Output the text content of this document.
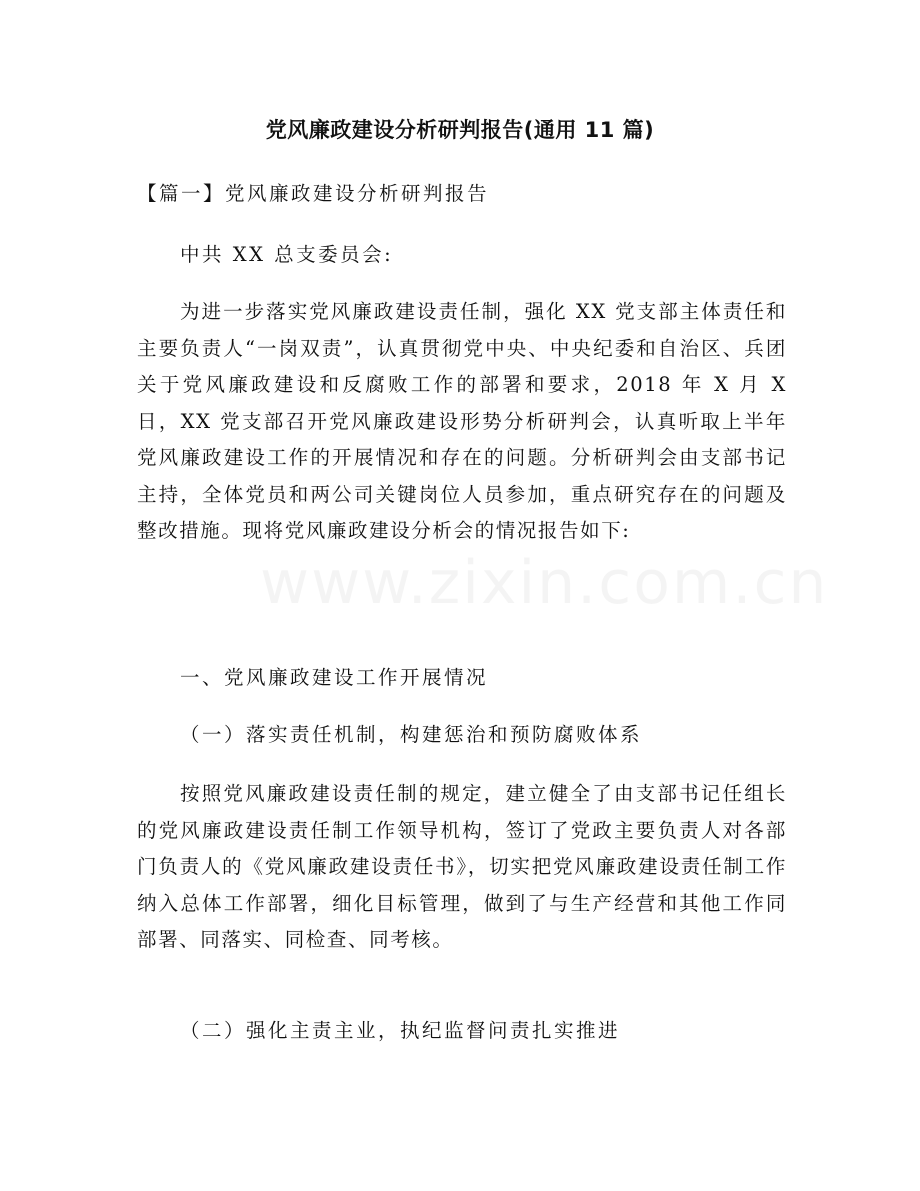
党风廉政建设分析研判报告(通用 11 篇)
【篇一】党风廉政建设分析研判报告
中共 XX 总支委员会:
为进一步落实党风廉政建设责任制，强化 XX 党支部主体责任和主要负责人“一岗双责”，认真贯彻党中央、中央纪委和自治区、兵团关于党风廉政建设和反腐败工作的部署和要求，2018 年 X 月 X 日，XX 党支部召开党风廉政建设形势分析研判会，认真听取上半年党风廉政建设工作的开展情况和存在的问题。分析研判会由支部书记主持，全体党员和两公司关键岗位人员参加，重点研究存在的问题及整改措施。现将党风廉政建设分析会的情况报告如下:
一、党风廉政建设工作开展情况
（一）落实责任机制，构建惩治和预防腐败体系
按照党风廉政建设责任制的规定，建立健全了由支部书记任组长的党风廉政建设责任制工作领导机构，签订了党政主要负责人对各部门负责人的《党风廉政建设责任书》，切实把党风廉政建设责任制工作纳入总体工作部署，细化目标管理，做到了与生产经营和其他工作同部署、同落实、同检查、同考核。
（二）强化主责主业，执纪监督问责扎实推进
